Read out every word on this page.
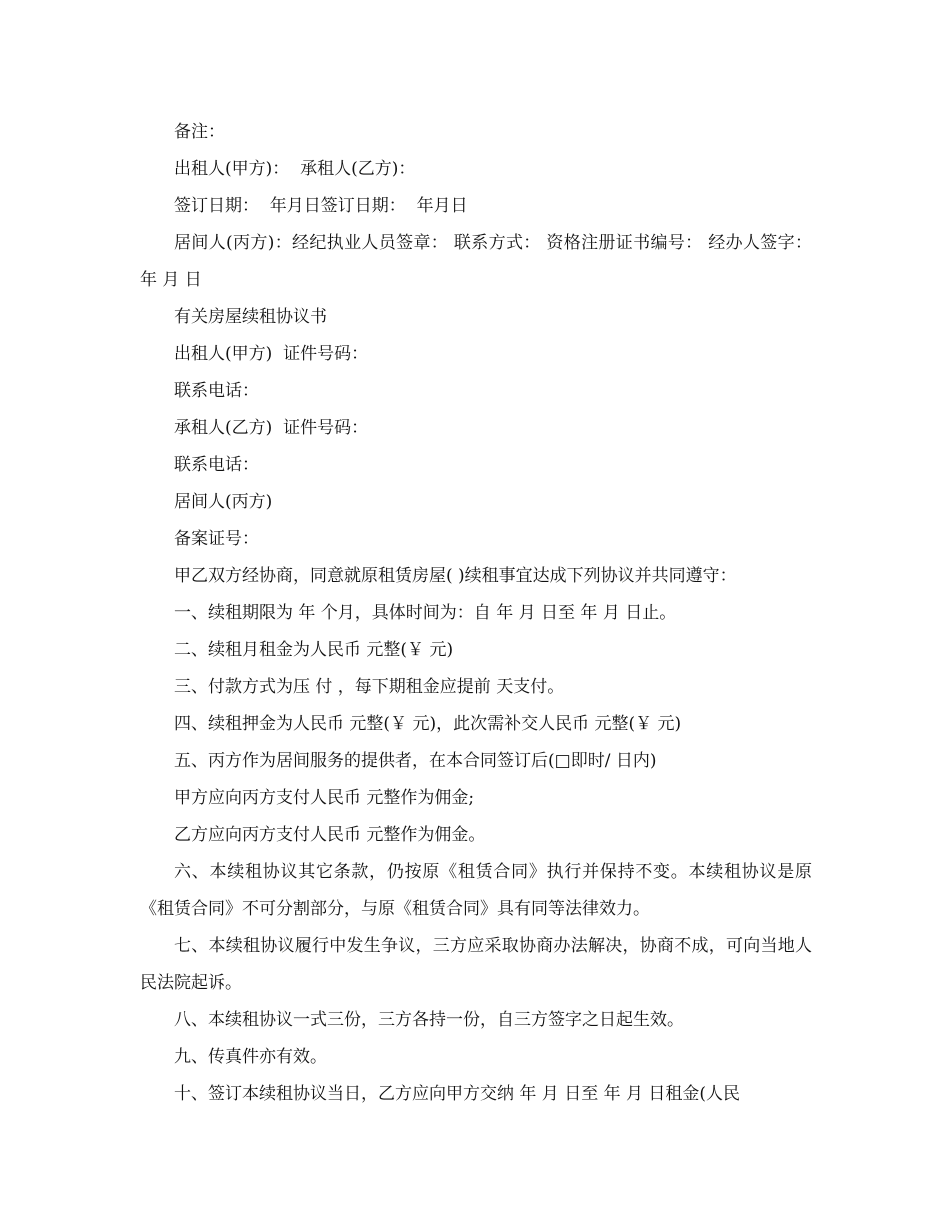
备注：

出租人(甲方)：  承租人(乙方)：

签订日期：  年月日签订日期：  年月日

居间人(丙方)：经纪执业人员签章： 联系方式： 资格注册证书编号： 经办人签字： 年 月 日

有关房屋续租协议书

出租人(甲方)  证件号码：

联系电话：

承租人(乙方)  证件号码：

联系电话：

居间人(丙方)

备案证号：

甲乙双方经协商，同意就原租赁房屋( )续租事宜达成下列协议并共同遵守：

一、续租期限为 年 个月，具体时间为：自 年 月 日至 年 月 日止。

二、续租月租金为人民币 元整(￥ 元)

三、付款方式为压 付 ，每下期租金应提前 天支付。

四、续租押金为人民币 元整(￥ 元)，此次需补交人民币 元整(￥ 元)

五、丙方作为居间服务的提供者，在本合同签订后(□即时/ 日内)

甲方应向丙方支付人民币 元整作为佣金;

乙方应向丙方支付人民币 元整作为佣金。

六、本续租协议其它条款，仍按原《租赁合同》执行并保持不变。本续租协议是原《租赁合同》不可分割部分，与原《租赁合同》具有同等法律效力。

七、本续租协议履行中发生争议，三方应采取协商办法解决，协商不成，可向当地人民法院起诉。

八、本续租协议一式三份，三方各持一份，自三方签字之日起生效。

九、传真件亦有效。

十、签订本续租协议当日，乙方应向甲方交纳 年 月 日至 年 月 日租金(人民
